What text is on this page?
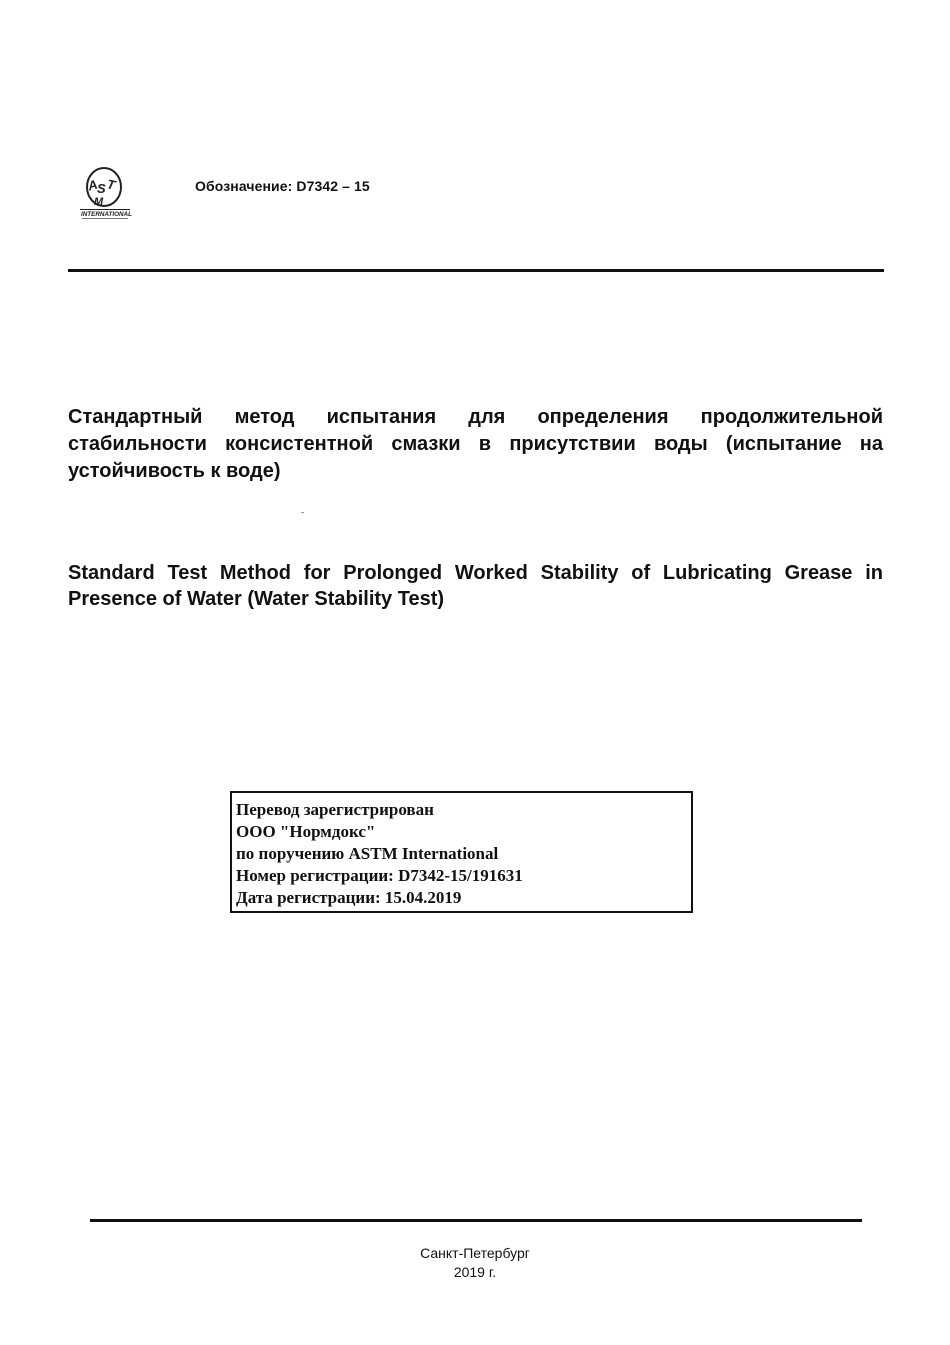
A
S T
M
INTERNATIONAL
Обозначение: D7342 – 15

Стандартный метод испытания для определения продолжительной стабильности консистентной смазки в присутствии воды (испытание на устойчивость к воде)

Standard Test Method for Prolonged Worked Stability of Lubricating Grease in Presence of Water (Water Stability Test)

Перевод зарегистрирован
ООО "Нормдокс"
по поручению ASTM International
Номер регистрации: D7342-15/191631
Дата регистрации: 15.04.2019
Санкт-Петербург
2019 г.
